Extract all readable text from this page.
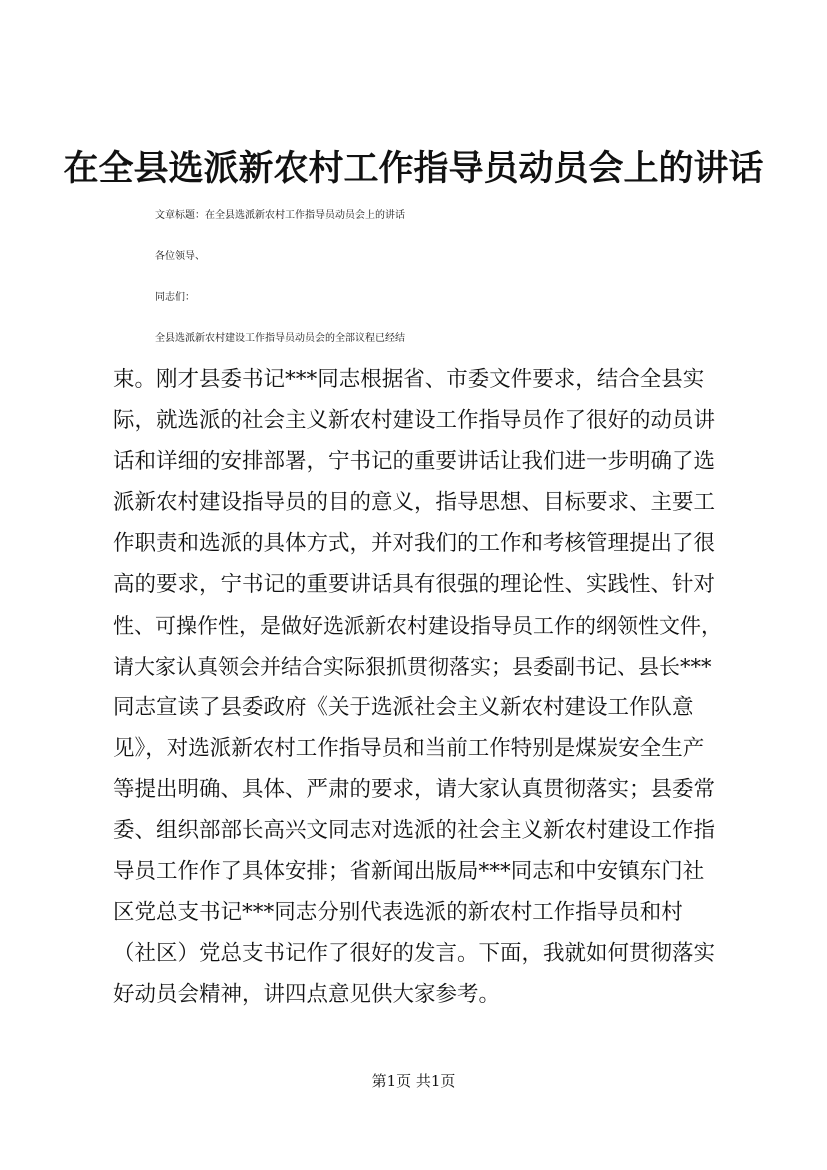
在全县选派新农村工作指导员动员会上的讲话
文章标题：在全县选派新农村工作指导员动员会上的讲话
各位领导、
同志们：
全县选派新农村建设工作指导员动员会的全部议程已经结
束。刚才县委书记***同志根据省、市委文件要求，结合全县实
际，就选派的社会主义新农村建设工作指导员作了很好的动员讲
话和详细的安排部署，宁书记的重要讲话让我们进一步明确了选
派新农村建设指导员的目的意义，指导思想、目标要求、主要工
作职责和选派的具体方式，并对我们的工作和考核管理提出了很
高的要求，宁书记的重要讲话具有很强的理论性、实践性、针对
性、可操作性，是做好选派新农村建设指导员工作的纲领性文件，
请大家认真领会并结合实际狠抓贯彻落实；县委副书记、县长***
同志宣读了县委政府《关于选派社会主义新农村建设工作队意
见》，对选派新农村工作指导员和当前工作特别是煤炭安全生产
等提出明确、具体、严肃的要求，请大家认真贯彻落实；县委常
委、组织部部长高兴文同志对选派的社会主义新农村建设工作指
导员工作作了具体安排；省新闻出版局***同志和中安镇东门社
区党总支书记***同志分别代表选派的新农村工作指导员和村
（社区）党总支书记作了很好的发言。下面，我就如何贯彻落实
好动员会精神，讲四点意见供大家参考。
第1页 共1页
